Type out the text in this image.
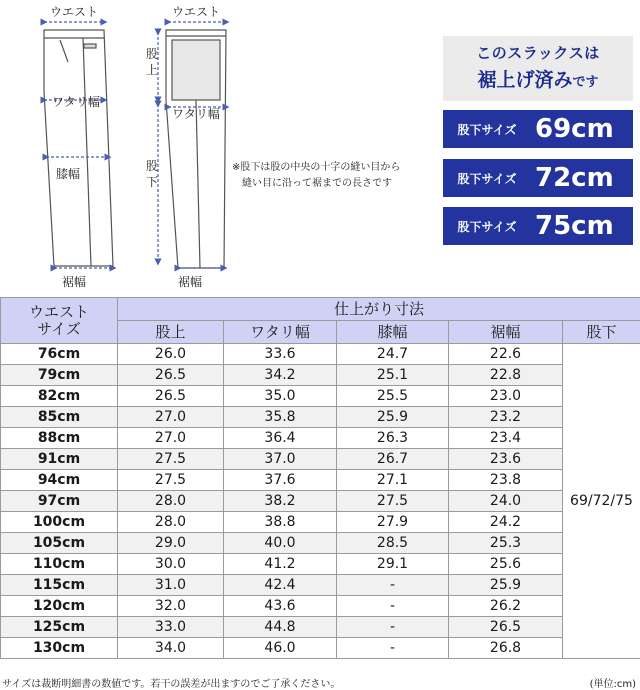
ウエスト
ワタリ幅
膝幅
裾幅
ウエスト
股
上
ワタリ幅
股
下
裾幅
※股下は股の中央の十字の縫い目から
縫い目に沿って裾までの長さです
このスラックスは
裾上げ済みです
股下サイズ 69cm
股下サイズ 72cm
股下サイズ 75cm
ウエスト
サイズ	仕上がり寸法				
	股上	ワタリ幅	膝幅	裾幅	股下
76cm	26.0	33.6	24.7	22.6	69/72/75
79cm	26.5	34.2	25.1	22.8	
82cm	26.5	35.0	25.5	23.0	
85cm	27.0	35.8	25.9	23.2	
88cm	27.0	36.4	26.3	23.4	
91cm	27.5	37.0	26.7	23.6	
94cm	27.5	37.6	27.1	23.8	
97cm	28.0	38.2	27.5	24.0	
100cm	28.0	38.8	27.9	24.2	
105cm	29.0	40.0	28.5	25.3	
110cm	30.0	41.2	29.1	25.6	
115cm	31.0	42.4	-	25.9	
120cm	32.0	43.6	-	26.2	
125cm	33.0	44.8	-	26.5	
130cm	34.0	46.0	-	26.8	
サイズは裁断明細書の数値です。若干の誤差が出ますのでご了承ください。	(単位:cm)
